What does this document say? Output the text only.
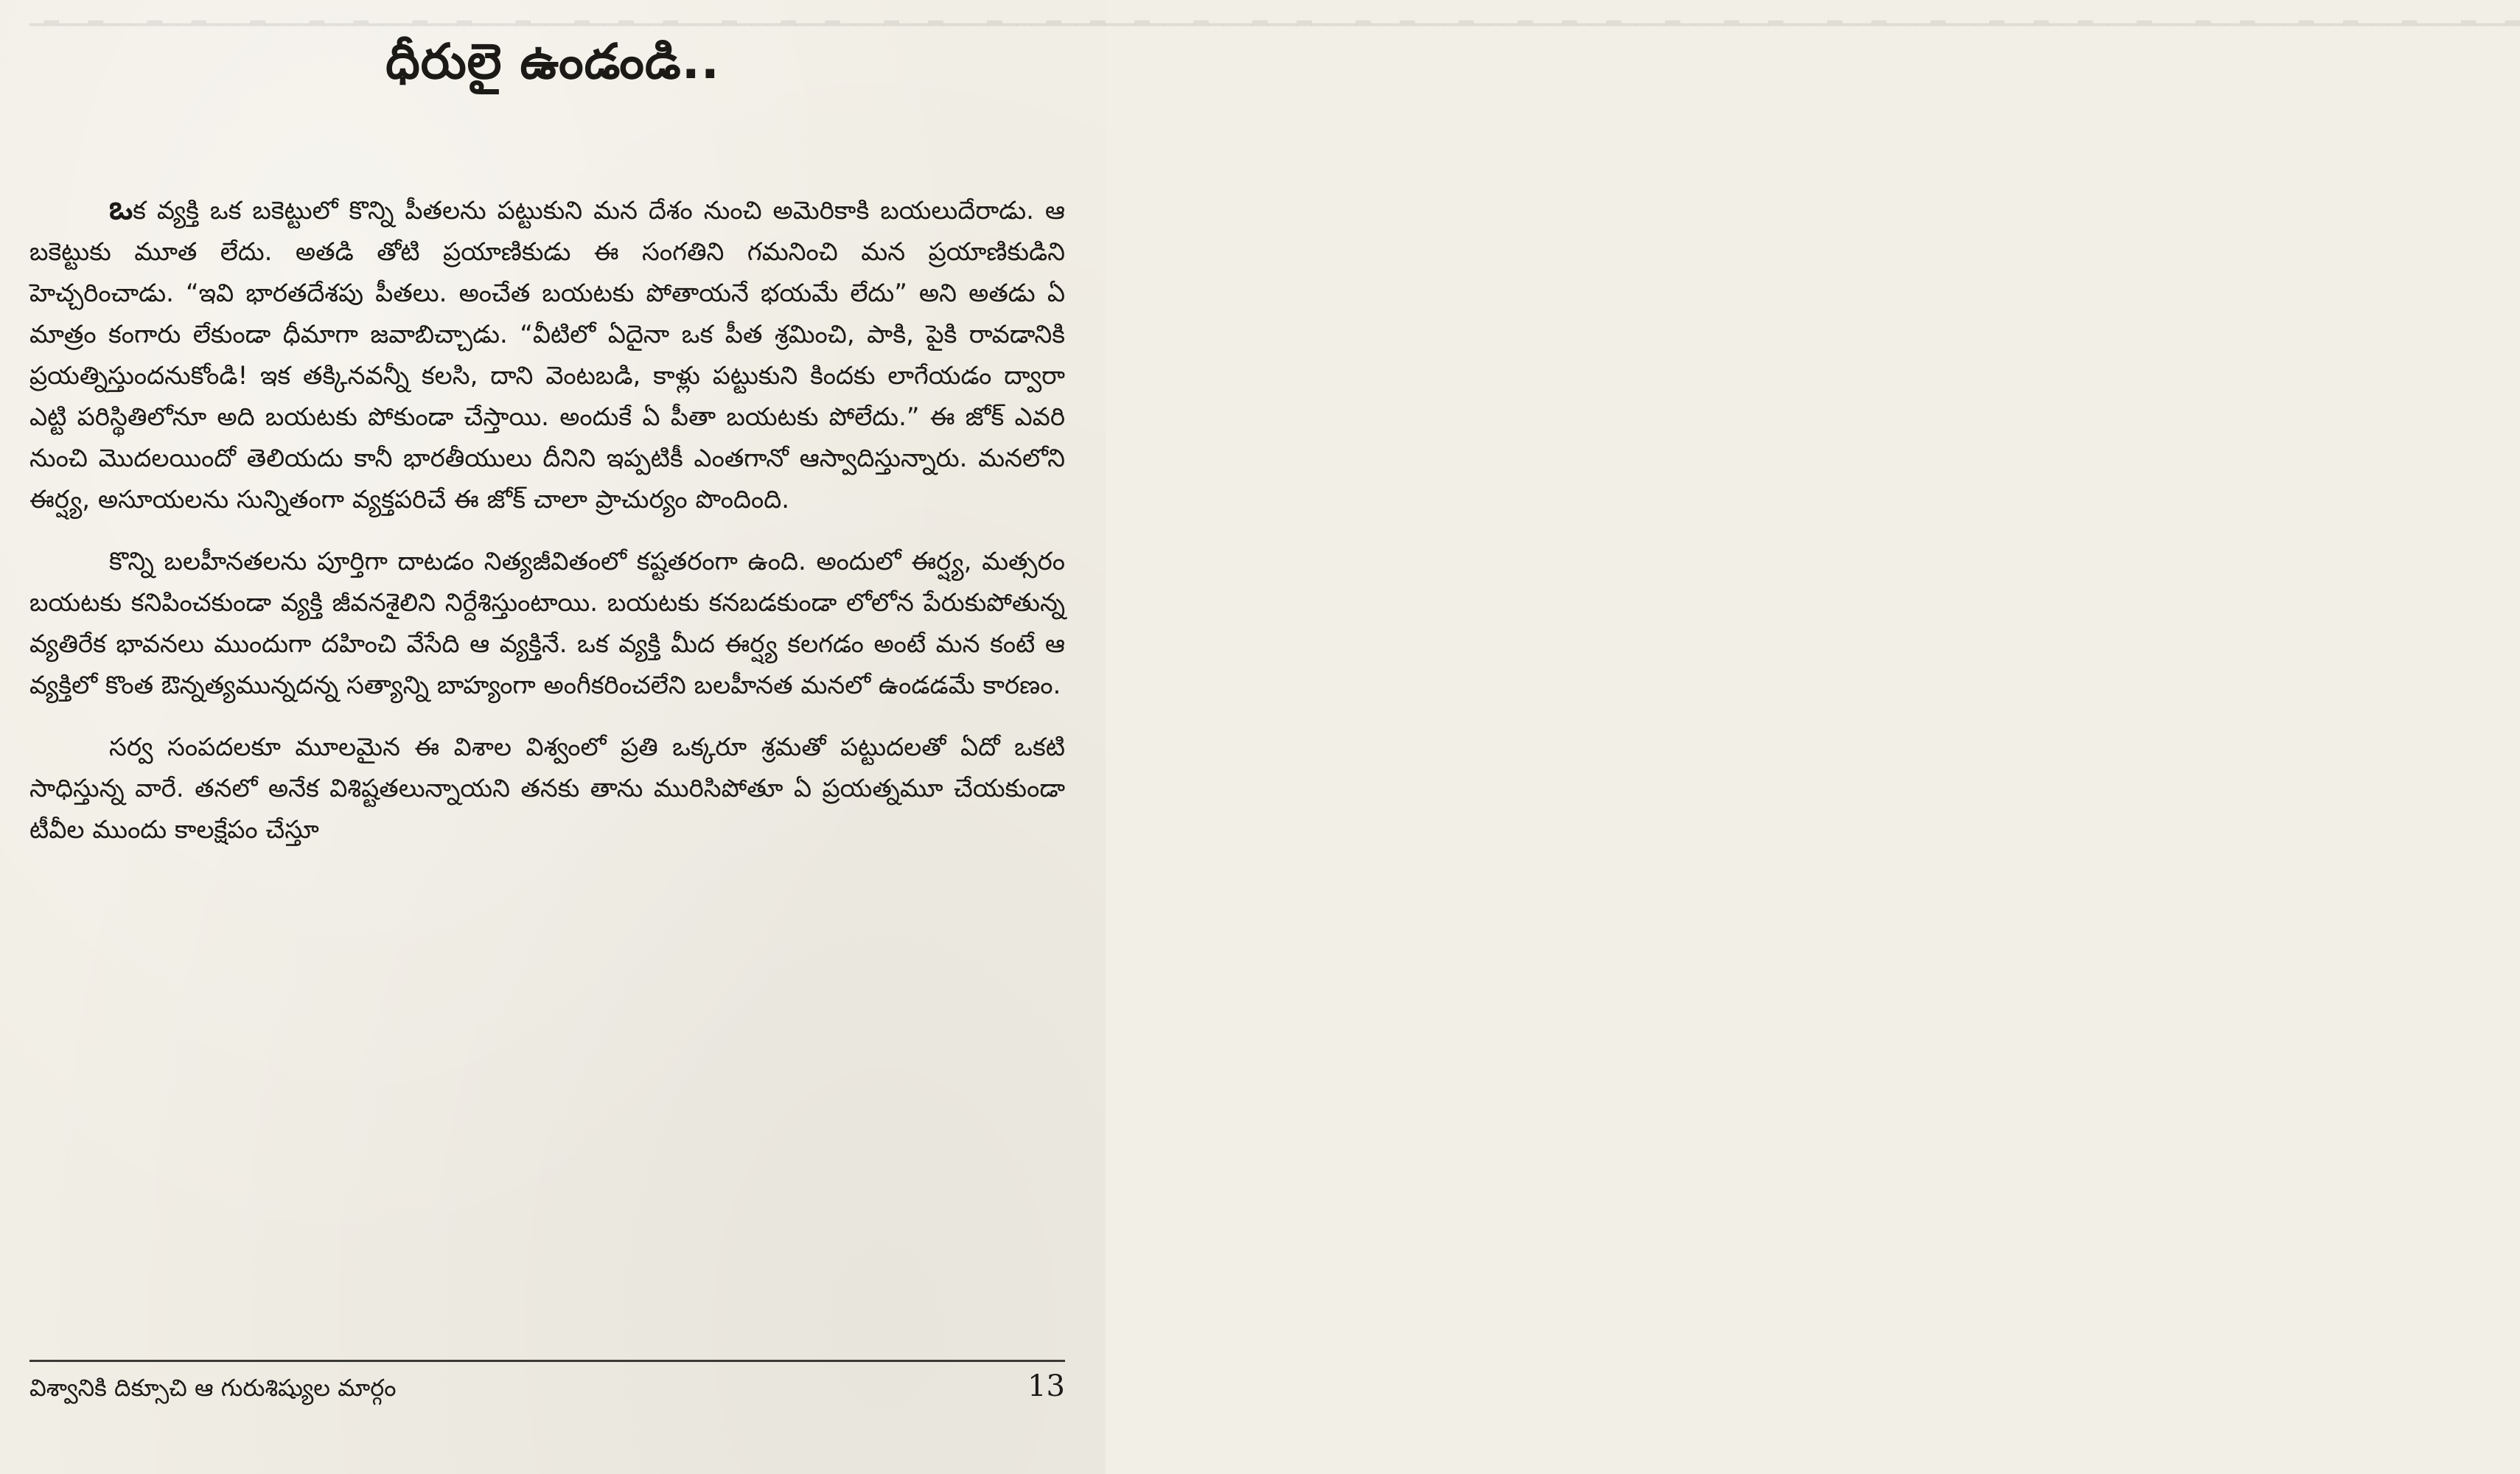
▁▂▁▁▂▁▁▁▂▁▁▂▁▁▁▂▁▁▁▂▁▁▂▁▁▁▂▁▁▂▁▁▁▂▁▁▁▂▁▁▂▁▁▂▁▁▁▂▁▁▁▂▁▁▂▁▁▁▂▁▁▂▁▁▁▂▁▁▁▂▁▁▂▁▁▂▁▁▁▂▁▁▁▂▁▁▂▁▁▁▂▁▁▂▁▁▁▂▁▁▁▂▁▁▂▁▁▂▁▁▁▂▁▁▁▂▁▁▂▁▁▁▂▁▁▂▁▁▁▂▁▁▁▂▁▁▂▁▁▂▁▁▁▂▁▁▁▂▁▁▂▁▁▁▂▁▁▂▁▁▁▂▁▁▁▂▁▁▂
ధీరులై ఉండండి..

ఒక వ్యక్తి ఒక బకెట్టులో కొన్ని పీతలను పట్టుకుని మన దేశం నుంచి అమెరికాకి బయలుదేరాడు. ఆ బకెట్టుకు మూత లేదు. అతడి తోటి ప్రయాణికుడు ఈ సంగతిని గమనించి మన ప్రయాణికుడిని హెచ్చరించాడు. “ఇవి భారతదేశపు పీతలు. అంచేత బయటకు పోతాయనే భయమే లేదు” అని అతడు ఏ మాత్రం కంగారు లేకుండా ధీమాగా జవాబిచ్చాడు. “వీటిలో ఏదైనా ఒక పీత శ్రమించి, పాకి, పైకి రావడానికి ప్రయత్నిస్తుందనుకోండి! ఇక తక్కినవన్నీ కలసి, దాని వెంటబడి, కాళ్లు పట్టుకుని కిందకు లాగేయడం ద్వారా ఎట్టి పరిస్థితిలోనూ అది బయటకు పోకుండా చేస్తాయి. అందుకే ఏ పీతా బయటకు పోలేదు.” ఈ జోక్ ఎవరి నుంచి మొదలయిందో తెలియదు కానీ భారతీయులు దీనిని ఇప్పటికీ ఎంతగానో ఆస్వాదిస్తున్నారు. మనలోని ఈర్ష్య, అసూయలను సున్నితంగా వ్యక్తపరిచే ఈ జోక్ చాలా ప్రాచుర్యం పొందింది.

కొన్ని బలహీనతలను పూర్తిగా దాటడం నిత్యజీవితంలో కష్టతరంగా ఉంది. అందులో ఈర్ష్య, మత్సరం బయటకు కనిపించకుండా వ్యక్తి జీవనశైలిని నిర్దేశిస్తుంటాయి. బయటకు కనబడకుండా లోలోన పేరుకుపోతున్న వ్యతిరేక భావనలు ముందుగా దహించి వేసేది ఆ వ్యక్తినే. ఒక వ్యక్తి మీద ఈర్ష్య కలగడం అంటే మన కంటే ఆ వ్యక్తిలో కొంత ఔన్నత్యమున్నదన్న సత్యాన్ని బాహ్యంగా అంగీకరించలేని బలహీనత మనలో ఉండడమే కారణం.

సర్వ సంపదలకూ మూలమైన ఈ విశాల విశ్వంలో ప్రతి ఒక్కరూ శ్రమతో పట్టుదలతో ఏదో ఒకటి సాధిస్తున్న వారే. తనలో అనేక విశిష్టతలున్నాయని తనకు తాను మురిసిపోతూ ఏ ప్రయత్నమూ చేయకుండా టీవీల ముందు కాలక్షేపం చేస్తూ

విశ్వానికి దిక్సూచి ఆ గురుశిష్యుల మార్గం	13
